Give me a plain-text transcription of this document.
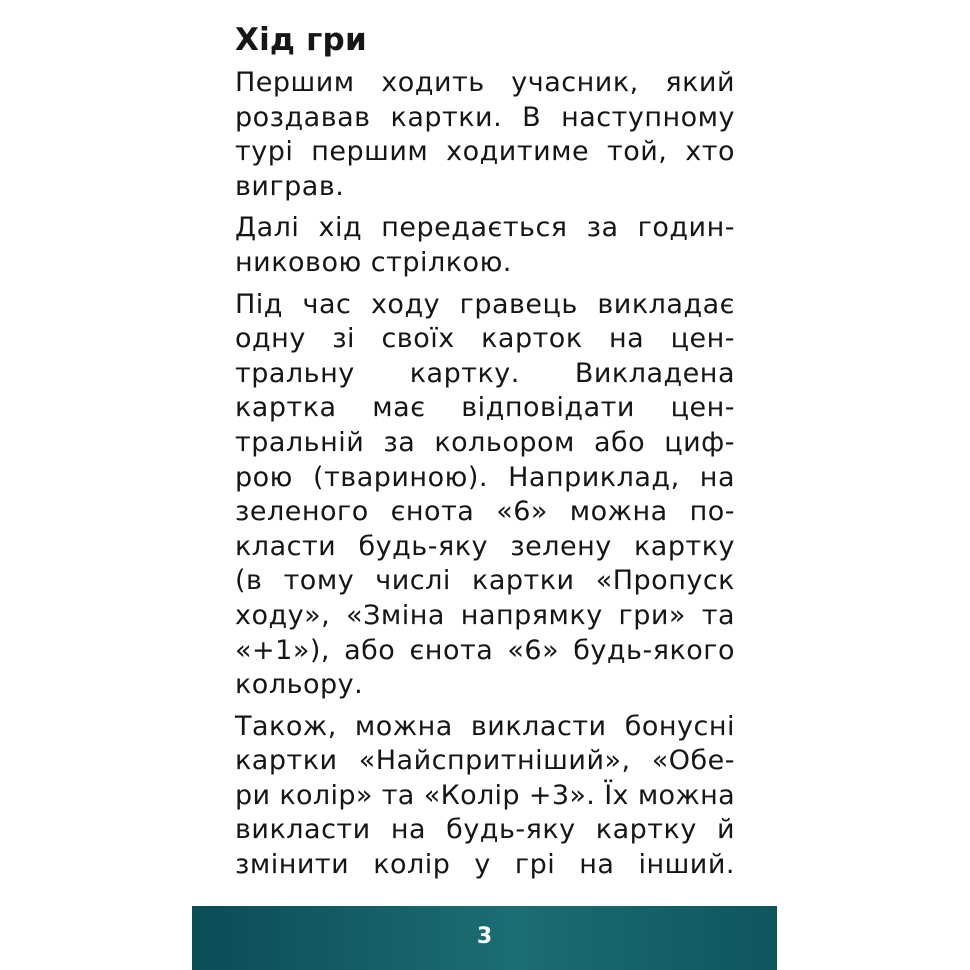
Хід гри
Першим ходить учасник, який
роздавав картки. В наступному
турі першим ходитиме той, хто
виграв.
Далі хід передається за годин-
никовою стрілкою.
Під час ходу гравець викладає
одну зі своїх карток на цен-
тральну картку. Викладена
картка має відповідати цен-
тральній за кольором або циф-
рою (твариною). Наприклад, на
зеленого єнота «6» можна по-
класти будь-яку зелену картку
(в тому числі картки «Пропуск
ходу», «Зміна напрямку гри» та
«+1»), або єнота «6» будь-якого
кольору.
Також, можна викласти бонусні
картки «Найспритніший», «Обе-
ри колір» та «Колір +3». Їх можна
викласти на будь-яку картку й
змінити колір у грі на інший.
3
